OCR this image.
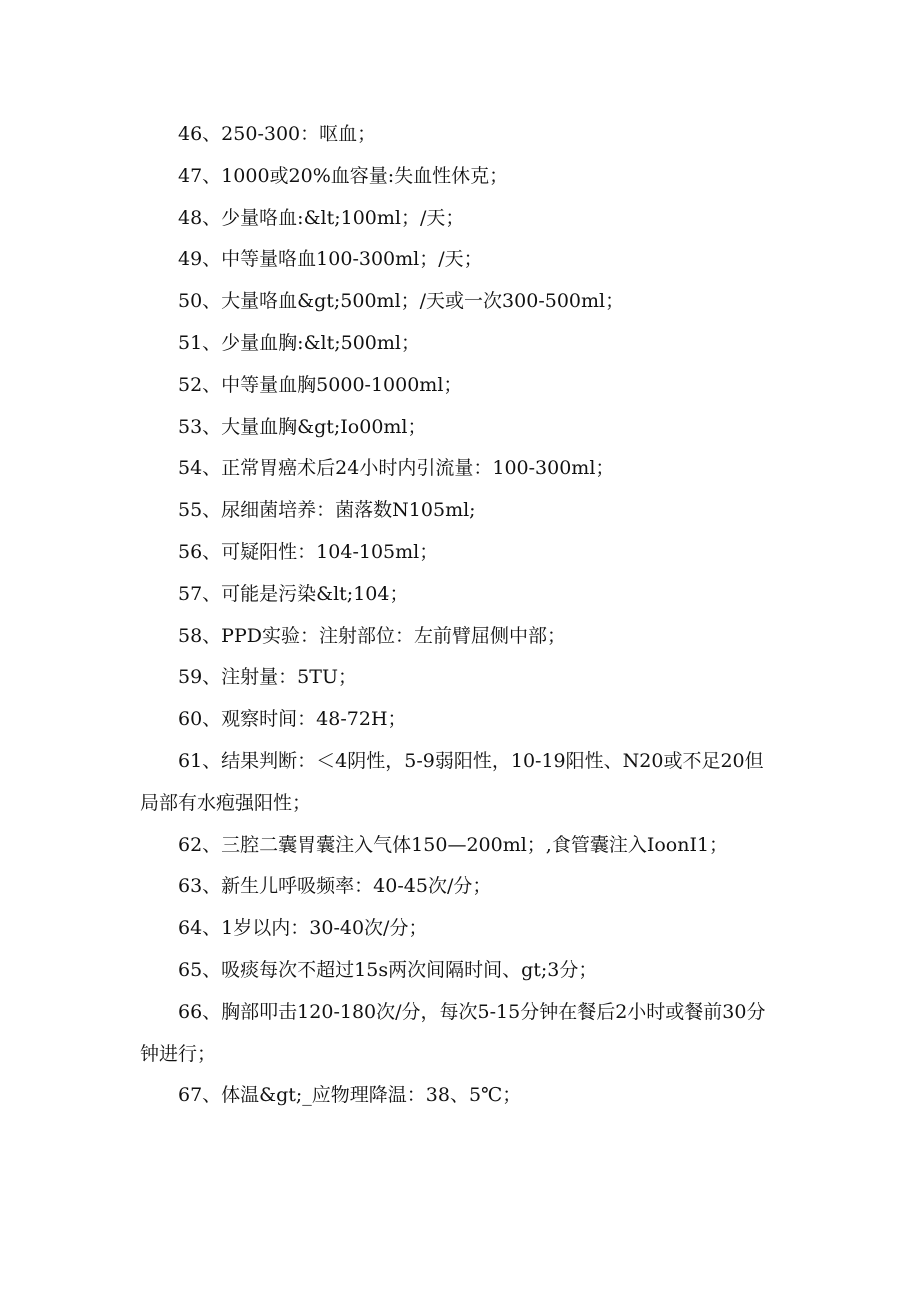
46、250-300：呕血；

47、1000或20%血容量:失血性休克；

48、少量咯血:&lt;100ml；/天；

49、中等量咯血100-300ml；/天；

50、大量咯血&gt;500ml；/天或一次300-500ml；

51、少量血胸:&lt;500ml；

52、中等量血胸5000-1000ml；

53、大量血胸&gt;Io00ml；

54、正常胃癌术后24小时内引流量：100-300ml；

55、尿细菌培养：菌落数N105ml;

56、可疑阳性：104-105ml；

57、可能是污染&lt;104；

58、PPD实验：注射部位：左前臂屈侧中部；

59、注射量：5TU；

60、观察时间：48-72H；

61、结果判断：＜4阴性，5-9弱阳性，10-19阳性、N20或不足20但局部有水疱强阳性；

62、三腔二囊胃囊注入气体150—200ml；,食管囊注入IoonI1；

63、新生儿呼吸频率：40-45次/分；

64、1岁以内：30-40次/分；

65、吸痰每次不超过15s两次间隔时间、gt;3分；

66、胸部叩击120-180次/分，每次5-15分钟在餐后2小时或餐前30分钟进行；

67、体温&gt;_应物理降温：38、5℃；
